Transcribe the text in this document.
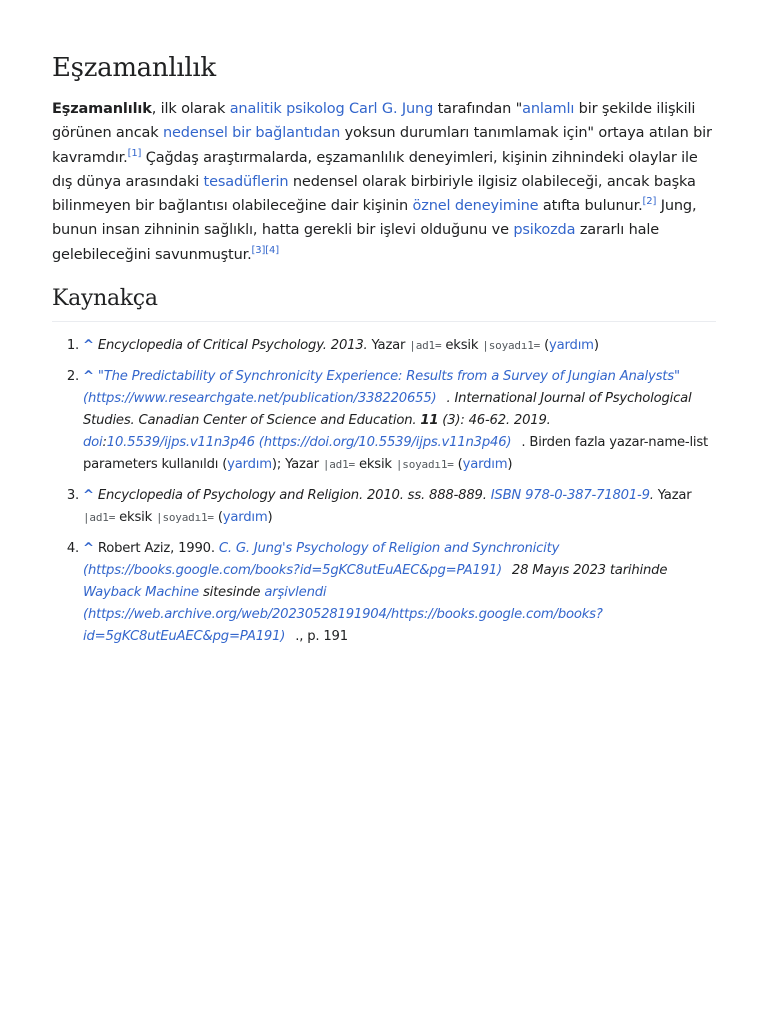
Eşzamanlılık

Eşzamanlılık, ilk olarak analitik psikolog Carl G. Jung tarafından "anlamlı bir şekilde ilişkili görünen ancak nedensel bir bağlantıdan yoksun durumları tanımlamak için" ortaya atılan bir kavramdır.[1] Çağdaş araştırmalarda, eşzamanlılık deneyimleri, kişinin zihnindeki olaylar ile dış dünya arasındaki tesadüflerin nedensel olarak birbiriyle ilgisiz olabileceği, ancak başka bilinmeyen bir bağlantısı olabileceğine dair kişinin öznel deneyimine atıfta bulunur.[2] Jung, bunun insan zihninin sağlıklı, hatta gerekli bir işlevi olduğunu ve psikozda zararlı hale gelebileceğini savunmuştur.[3][4]

Kaynakça
1. ^ Encyclopedia of Critical Psychology. 2013. Yazar |ad1= eksik |soyadı1= (yardım)
2. ^ "The Predictability of Synchronicity Experience: Results from a Survey of Jungian Analysts" (https://www.researchgate.net/publication/338220655) . International Journal of Psychological Studies. Canadian Center of Science and Education. 11 (3): 46-62. 2019. doi:10.5539/ijps.v11n3p46 (https://doi.org/10.5539/ijps.v11n3p46) . Birden fazla yazar-name-list parameters kullanıldı (yardım); Yazar |ad1= eksik |soyadı1= (yardım)
3. ^ Encyclopedia of Psychology and Religion. 2010. ss. 888-889. ISBN 978-0-387-71801-9. Yazar |ad1= eksik |soyadı1= (yardım)
4. ^ Robert Aziz, 1990. C. G. Jung's Psychology of Religion and Synchronicity (https://books.google.com/books?id=5gKC8utEuAEC&pg=PA191) 28 Mayıs 2023 tarihinde Wayback Machine sitesinde arşivlendi (https://web.archive.org/web/20230528191904/https://books.google.com/books?id=5gKC8utEuAEC&pg=PA191) ., p. 191
